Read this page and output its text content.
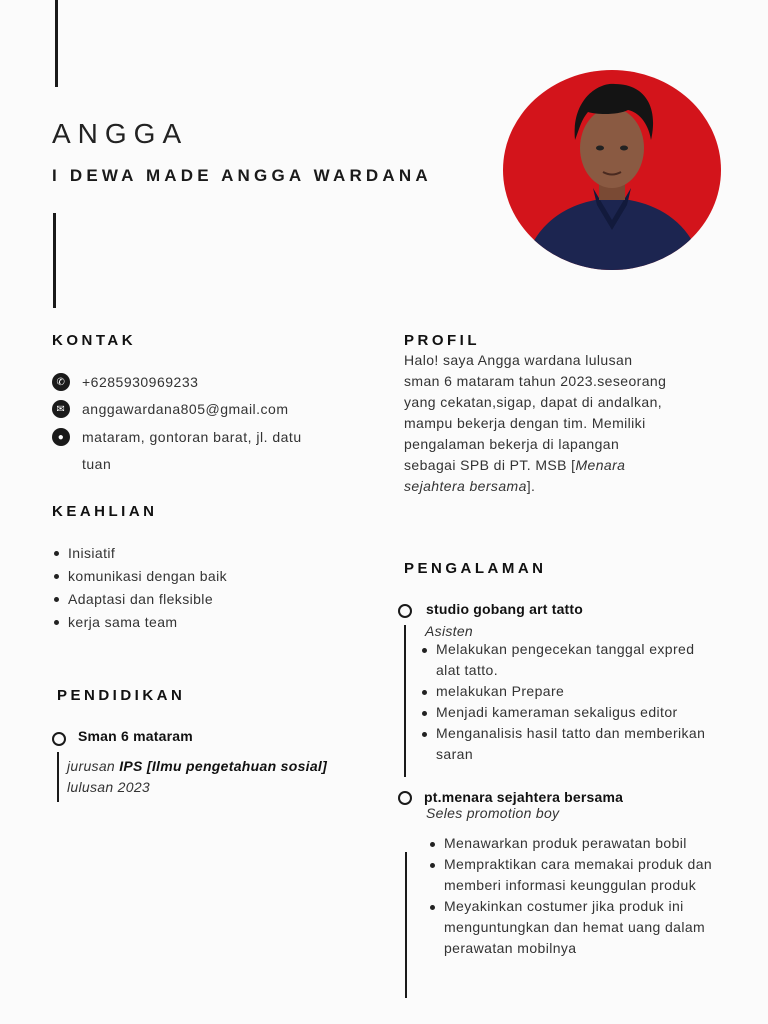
ANGGA
I DEWA MADE ANGGA WARDANA
KONTAK
✆	+6285930969233
✉	anggawardana805@gmail.com
●	mataram, gontoran barat, jl. datu
tuan
KEAHLIAN
Inisiatif
komunikasi dengan baik
Adaptasi dan fleksible
kerja sama team
PENDIDIKAN
Sman 6 mataram
jurusan IPS [Ilmu pengetahuan sosial]
lulusan 2023
PROFIL
Halo! saya Angga wardana lulusan
sman 6 mataram tahun 2023.seseorang
yang cekatan,sigap, dapat di andalkan,
mampu bekerja dengan tim. Memiliki
pengalaman bekerja di lapangan
sebagai SPB di PT. MSB [Menara
sejahtera bersama].
PENGALAMAN
studio gobang art tatto
Asisten
Melakukan pengecekan tanggal expred alat tatto.
melakukan Prepare
Menjadi kameraman sekaligus editor
Menganalisis hasil tatto dan memberikan saran
pt.menara sejahtera bersama
Seles promotion boy
Menawarkan produk perawatan bobil
Mempraktikan cara memakai produk dan memberi informasi keunggulan produk
Meyakinkan costumer jika produk ini menguntungkan dan hemat uang dalam perawatan mobilnya
